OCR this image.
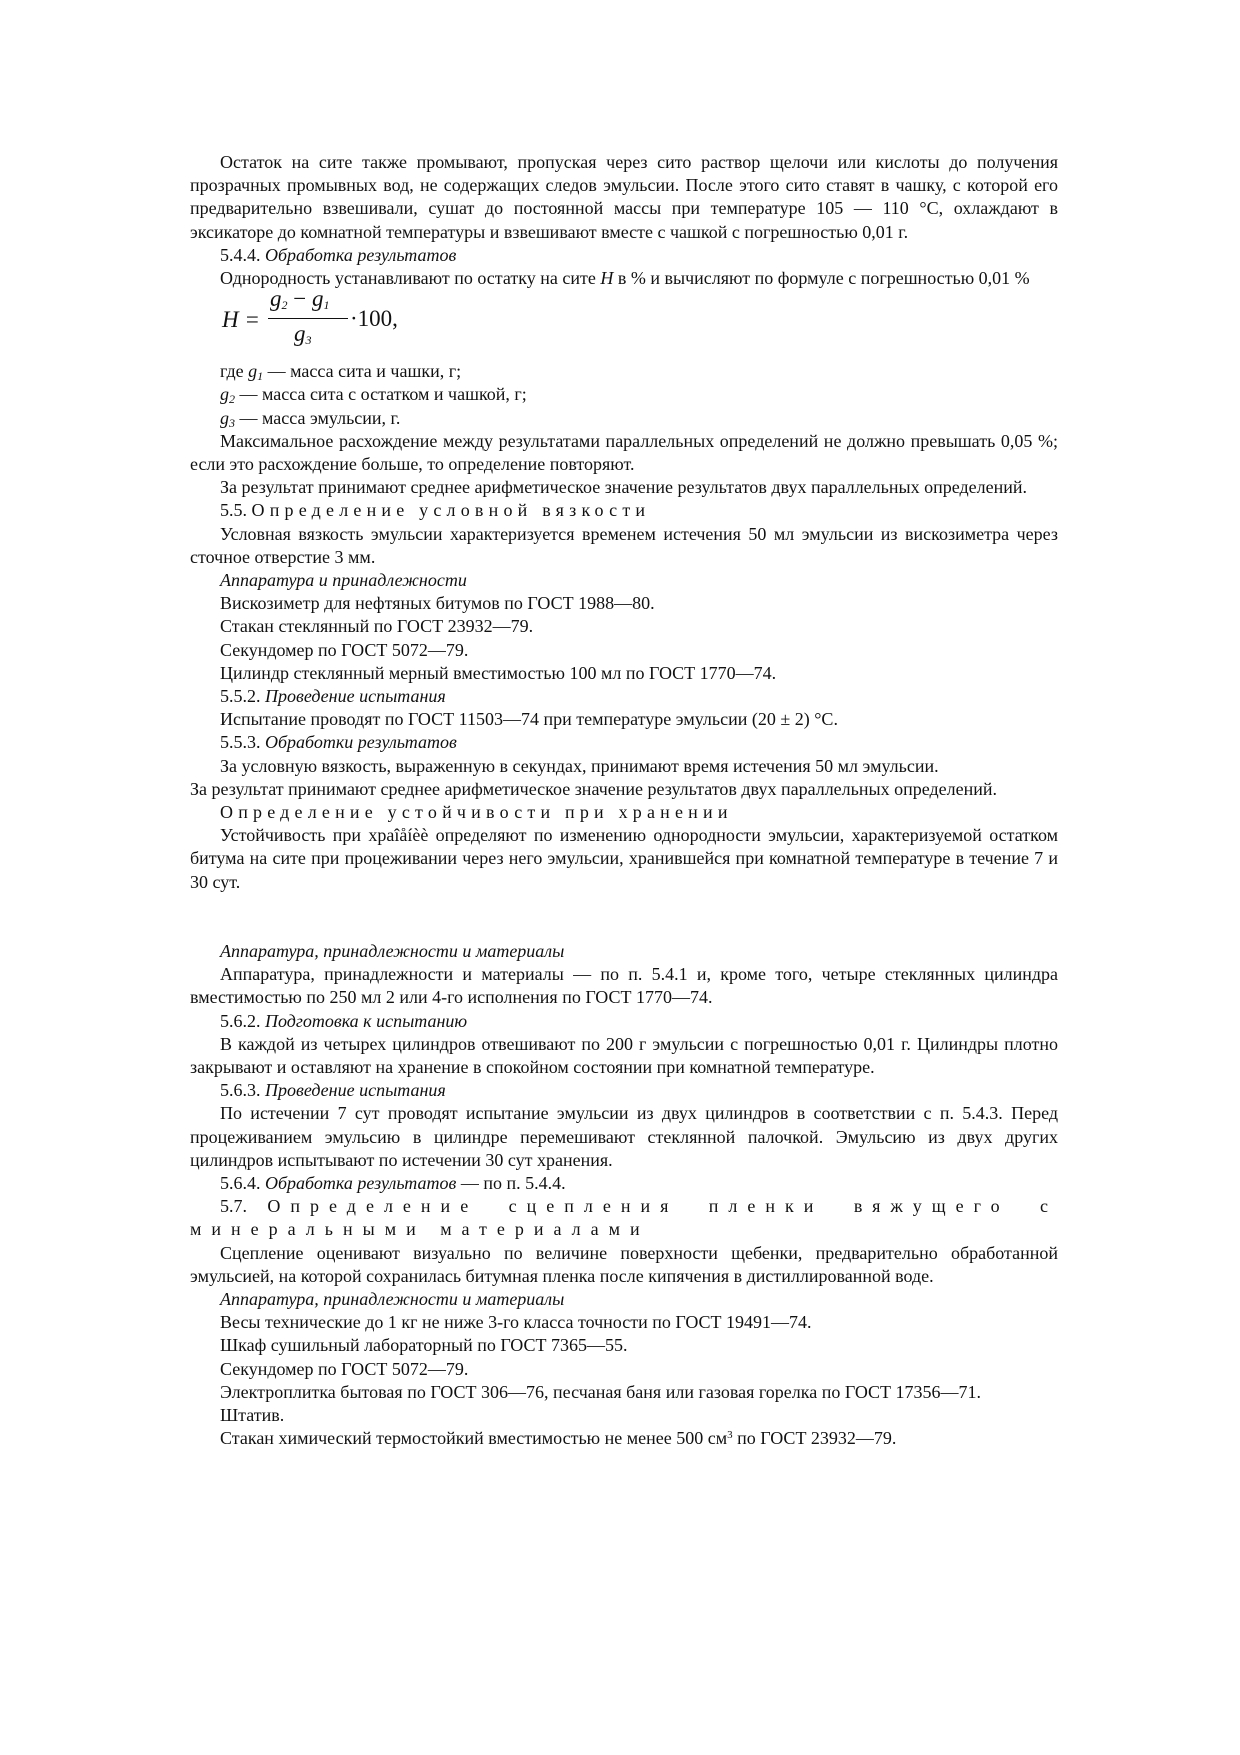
Остаток на сите также промывают, пропуская через сито раствор щелочи или кислоты до получения прозрачных промывных вод, не содержащих следов эмульсии. После этого сито ставят в чашку, с которой его предварительно взвешивали, сушат до постоянной массы при температуре 105 — 110 °С, охлаждают в эксикаторе до комнатной температуры и взвешивают вместе с чашкой с погрешностью 0,01 г.

5.4.4. Обработка результатов

Однородность устанавливают по остатку на сите Н в % и вычисляют по формуле с погрешностью 0,01 %

H =
$g_2 - g_1$
$g_3$
·100,

где $g_1$ — масса сита и чашки, г;

$g_2$ — масса сита с остатком и чашкой, г;

$g_3$ — масса эмульсии, г.

Максимальное расхождение между результатами параллельных определений не должно превышать 0,05 %; если это расхождение больше, то определение повторяют.

За результат принимают среднее арифметическое значение результатов двух параллельных определений.

5.5. Определение условной вязкости

Условная вязкость эмульсии характеризуется временем истечения 50 мл эмульсии из вискозиметра через сточное отверстие 3 мм.

Аппаратура и принадлежности

Вискозиметр для нефтяных битумов по ГОСТ 1988—80.

Стакан стеклянный по ГОСТ 23932—79.

Секундомер по ГОСТ 5072—79.

Цилиндр стеклянный мерный вместимостью 100 мл по ГОСТ 1770—74.

5.5.2. Проведение испытания

Испытание проводят по ГОСТ 11503—74 при температуре эмульсии (20 ± 2) °С.

5.5.3. Обработки результатов

За условную вязкость, выраженную в секундах, принимают время истечения 50 мл эмульсии.

За результат принимают среднее арифметическое значение результатов двух параллельных определений.

Определение устойчивости при хранении

Устойчивость при храîåíèè определяют по изменению однородности эмульсии, характеризуемой остатком битума на сите при процеживании через него эмульсии, хранившейся при комнатной температуре в течение 7 и 30 сут.

Аппаратура, принадлежности и материалы

Аппаратура, принадлежности и материалы — по п. 5.4.1 и, кроме того, четыре стеклянных цилиндра вместимостью по 250 мл 2 или 4-го исполнения по ГОСТ 1770—74.

5.6.2. Подготовка к испытанию

В каждой из четырех цилиндров отвешивают по 200 г эмульсии с погрешностью 0,01 г. Цилиндры плотно закрывают и оставляют на хранение в спокойном состоянии при комнатной температуре.

5.6.3. Проведение испытания

По истечении 7 сут проводят испытание эмульсии из двух цилиндров в соответствии с п. 5.4.3. Перед процеживанием эмульсию в цилиндре перемешивают стеклянной палочкой. Эмульсию из двух других цилиндров испытывают по истечении 30 сут хранения.

5.6.4. Обработка результатов — по п. 5.4.4.

5.7. Определение сцепления пленки вяжущего с минеральными материалами

Сцепление оценивают визуально по величине поверхности щебенки, предварительно обработанной эмульсией, на которой сохранилась битумная пленка после кипячения в дистиллированной воде.

Аппаратура, принадлежности и материалы

Весы технические до 1 кг не ниже 3-го класса точности по ГОСТ 19491—74.

Шкаф сушильный лабораторный по ГОСТ 7365—55.

Секундомер по ГОСТ 5072—79.

Электроплитка бытовая по ГОСТ 306—76, песчаная баня или газовая горелка по ГОСТ 17356—71.

Штатив.

Стакан химический термостойкий вместимостью не менее 500 $см^3$ по ГОСТ 23932—79.
